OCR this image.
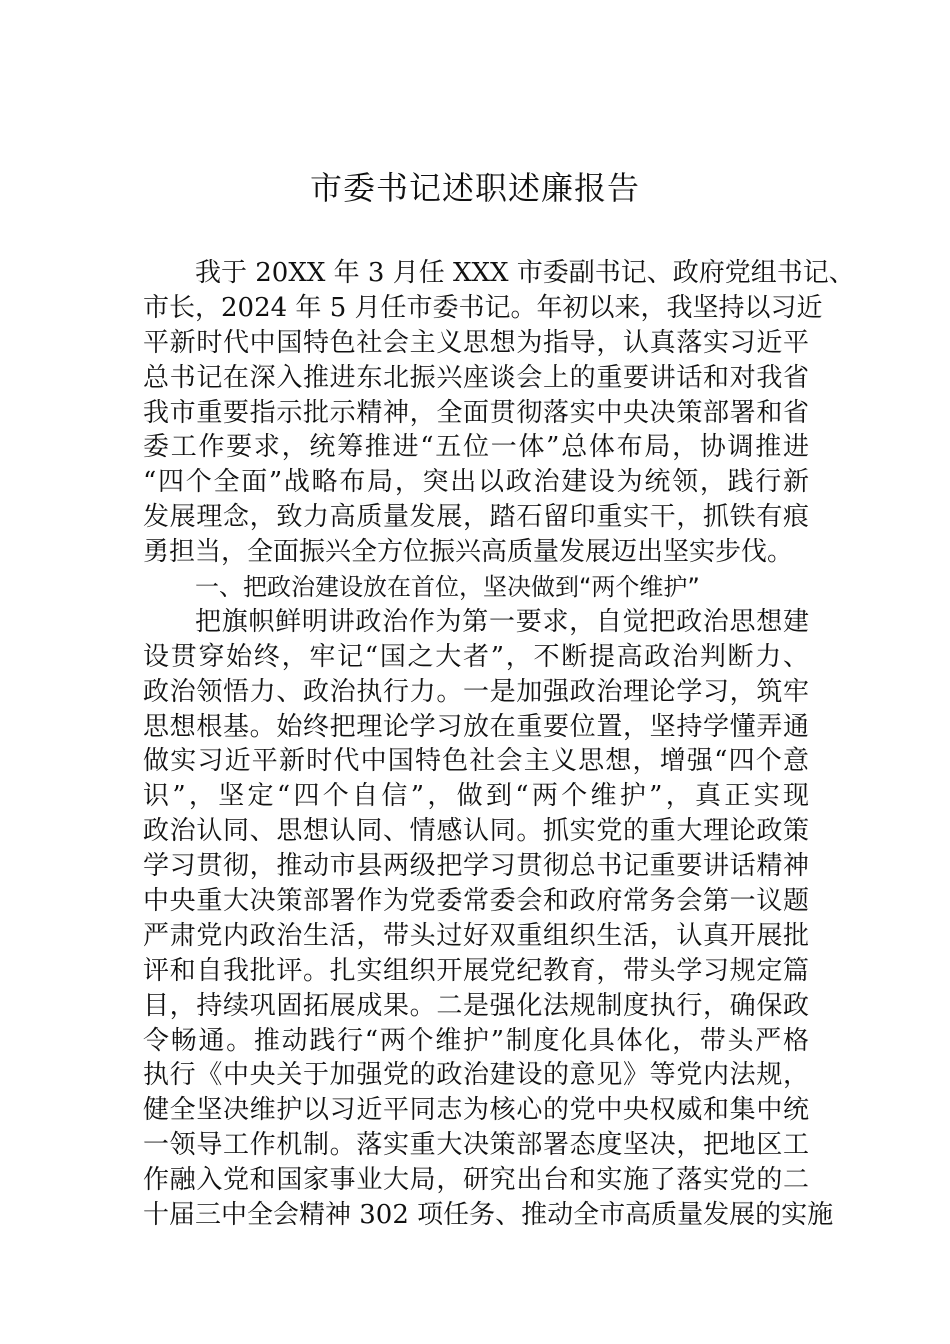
市委书记述职述廉报告
我于 20XX 年 3 月任 XXX 市委副书记、政府党组书记、
市长，2024 年 5 月任市委书记。年初以来，我坚持以习近
平新时代中国特色社会主义思想为指导，认真落实习近平
总书记在深入推进东北振兴座谈会上的重要讲话和对我省
我市重要指示批示精神，全面贯彻落实中央决策部署和省
委工作要求，统筹推进“五位一体”总体布局，协调推进
“四个全面”战略布局，突出以政治建设为统领，践行新
发展理念，致力高质量发展，踏石留印重实干，抓铁有痕
勇担当，全面振兴全方位振兴高质量发展迈出坚实步伐。
一、把政治建设放在首位，坚决做到“两个维护”
把旗帜鲜明讲政治作为第一要求，自觉把政治思想建
设贯穿始终，牢记“国之大者”，不断提高政治判断力、
政治领悟力、政治执行力。一是加强政治理论学习，筑牢
思想根基。始终把理论学习放在重要位置，坚持学懂弄通
做实习近平新时代中国特色社会主义思想，增强“四个意
识”，坚定“四个自信”，做到“两个维护”，真正实现
政治认同、思想认同、情感认同。抓实党的重大理论政策
学习贯彻，推动市县两级把学习贯彻总书记重要讲话精神
中央重大决策部署作为党委常委会和政府常务会第一议题
严肃党内政治生活，带头过好双重组织生活，认真开展批
评和自我批评。扎实组织开展党纪教育，带头学习规定篇
目，持续巩固拓展成果。二是强化法规制度执行，确保政
令畅通。推动践行“两个维护”制度化具体化，带头严格
执行《中央关于加强党的政治建设的意见》等党内法规，
健全坚决维护以习近平同志为核心的党中央权威和集中统
一领导工作机制。落实重大决策部署态度坚决，把地区工
作融入党和国家事业大局，研究出台和实施了落实党的二
十届三中全会精神 302 项任务、推动全市高质量发展的实施
